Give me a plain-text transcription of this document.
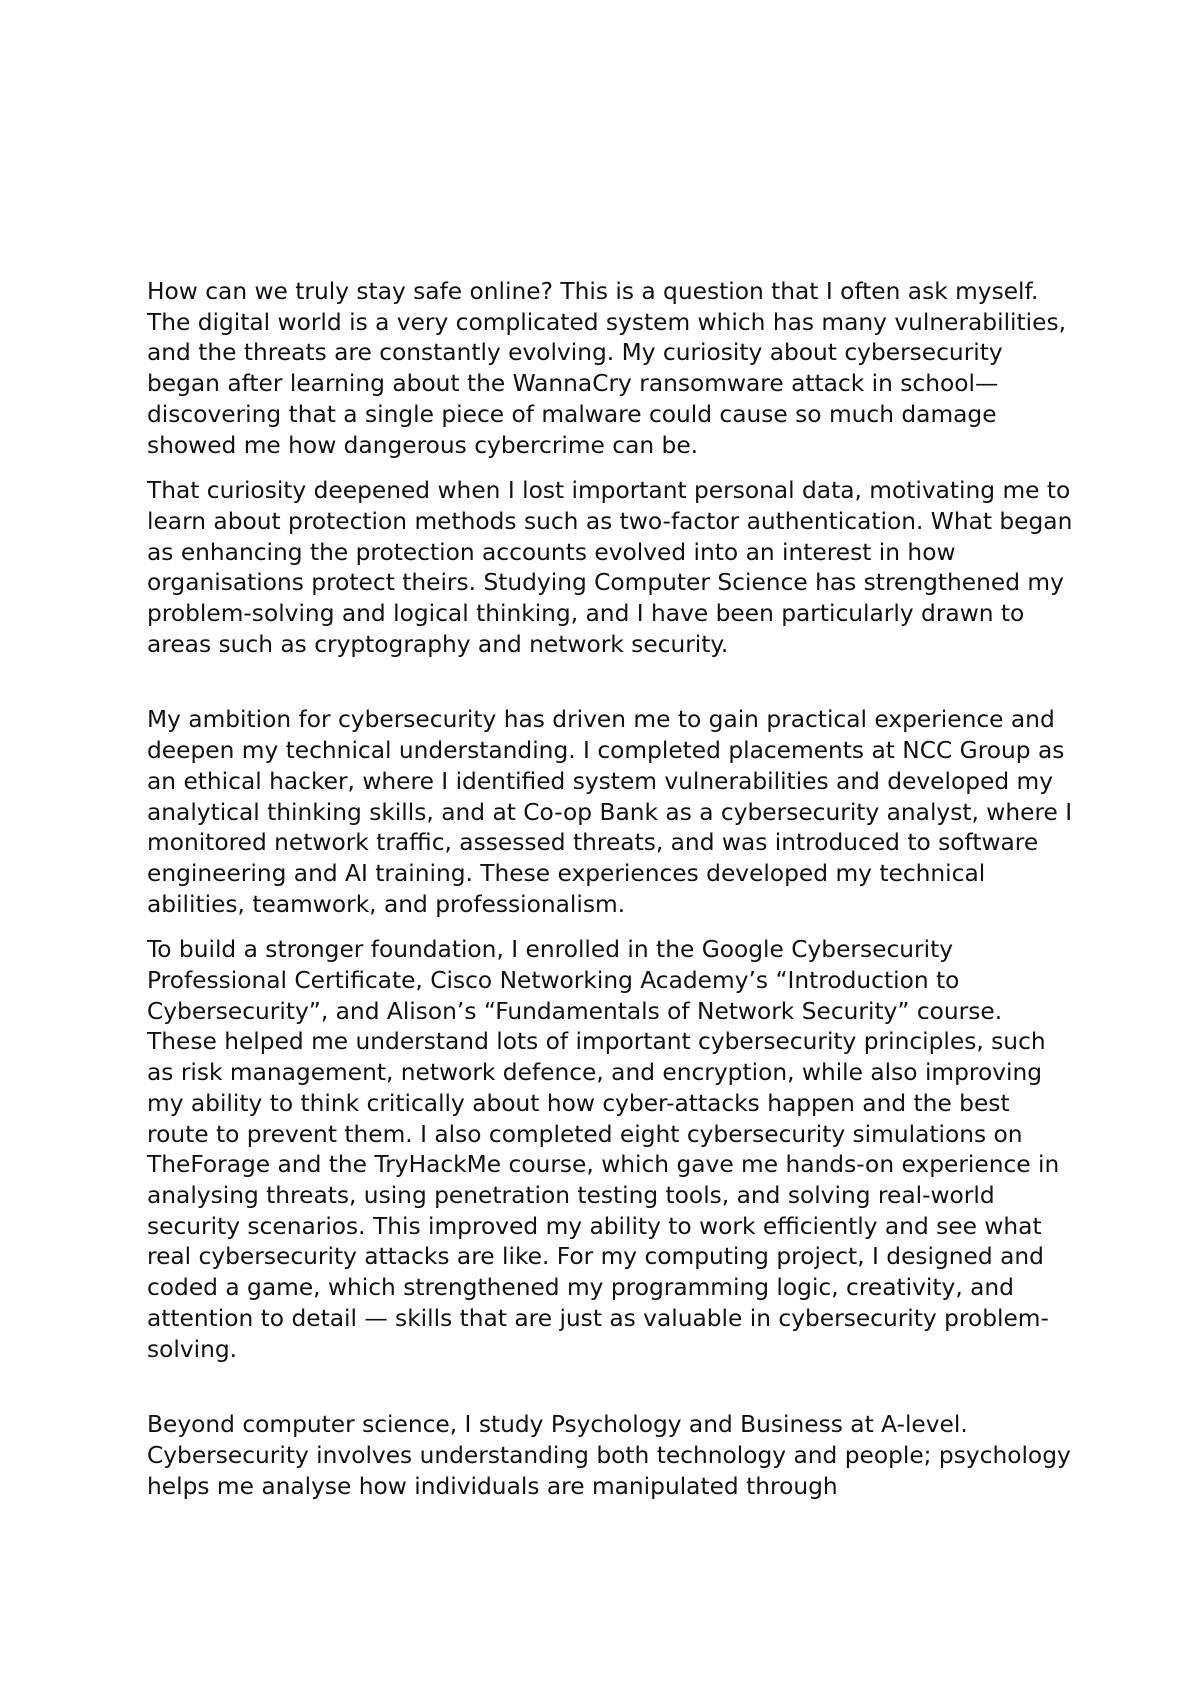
How can we truly stay safe online? This is a question that I often ask myself. The digital world is a very complicated system which has many vulnerabilities, and the threats are constantly evolving. My curiosity about cybersecurity began after learning about the WannaCry ransomware attack in school—discovering that a single piece of malware could cause so much damage showed me how dangerous cybercrime can be.

That curiosity deepened when I lost important personal data, motivating me to learn about protection methods such as two-factor authentication. What began as enhancing the protection accounts evolved into an interest in how organisations protect theirs. Studying Computer Science has strengthened my problem-solving and logical thinking, and I have been particularly drawn to areas such as cryptography and network security.

My ambition for cybersecurity has driven me to gain practical experience and deepen my technical understanding. I completed placements at NCC Group as an ethical hacker, where I identified system vulnerabilities and developed my analytical thinking skills, and at Co-op Bank as a cybersecurity analyst, where I monitored network traffic, assessed threats, and was introduced to software engineering and AI training. These experiences developed my technical abilities, teamwork, and professionalism.

To build a stronger foundation, I enrolled in the Google Cybersecurity Professional Certificate, Cisco Networking Academy’s “Introduction to Cybersecurity”, and Alison’s “Fundamentals of Network Security” course. These helped me understand lots of important cybersecurity principles, such as risk management, network defence, and encryption, while also improving my ability to think critically about how cyber-attacks happen and the best route to prevent them. I also completed eight cybersecurity simulations on TheForage and the TryHackMe course, which gave me hands-on experience in analysing threats, using penetration testing tools, and solving real-world security scenarios. This improved my ability to work efficiently and see what real cybersecurity attacks are like. For my computing project, I designed and coded a game, which strengthened my programming logic, creativity, and attention to detail — skills that are just as valuable in cybersecurity problem-solving.

Beyond computer science, I study Psychology and Business at A-level. Cybersecurity involves understanding both technology and people; psychology helps me analyse how individuals are manipulated through
